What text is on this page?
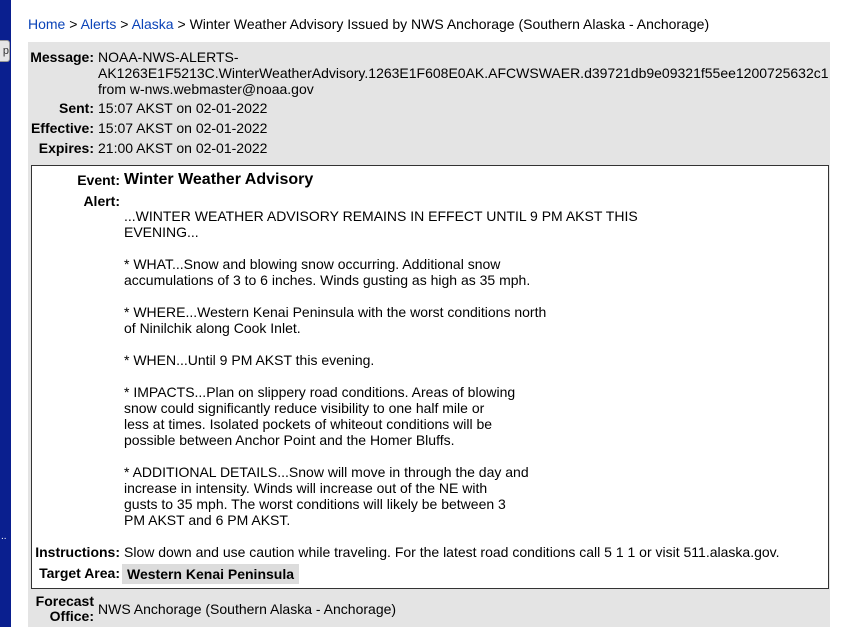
p
..
Home > Alerts > Alaska > Winter Weather Advisory Issued by NWS Anchorage (Southern Alaska - Anchorage)
Message: NOAA-NWS-ALERTS-
AK1263E1F5213C.WinterWeatherAdvisory.1263E1F608E0AK.AFCWSWAER.d39721db9e09321f55ee1200725632c1
from w-nws.webmaster@noaa.gov
Sent: 15:07 AKST on 02-01-2022
Effective: 15:07 AKST on 02-01-2022
Expires: 21:00 AKST on 02-01-2022
Event: Winter Weather Advisory
Alert:
...WINTER WEATHER ADVISORY REMAINS IN EFFECT UNTIL 9 PM AKST THIS
EVENING...

* WHAT...Snow and blowing snow occurring. Additional snow
accumulations of 3 to 6 inches. Winds gusting as high as 35 mph.

* WHERE...Western Kenai Peninsula with the worst conditions north
of Ninilchik along Cook Inlet.

* WHEN...Until 9 PM AKST this evening.

* IMPACTS...Plan on slippery road conditions. Areas of blowing
snow could significantly reduce visibility to one half mile or
less at times. Isolated pockets of whiteout conditions will be
possible between Anchor Point and the Homer Bluffs.

* ADDITIONAL DETAILS...Snow will move in through the day and
increase in intensity. Winds will increase out of the NE with
gusts to 35 mph. The worst conditions will likely be between 3
PM AKST and 6 PM AKST.
Instructions: Slow down and use caution while traveling. For the latest road conditions call 5 1 1 or visit 511.alaska.gov.
Target Area: Western Kenai Peninsula
Forecast
Office: NWS Anchorage (Southern Alaska - Anchorage)
